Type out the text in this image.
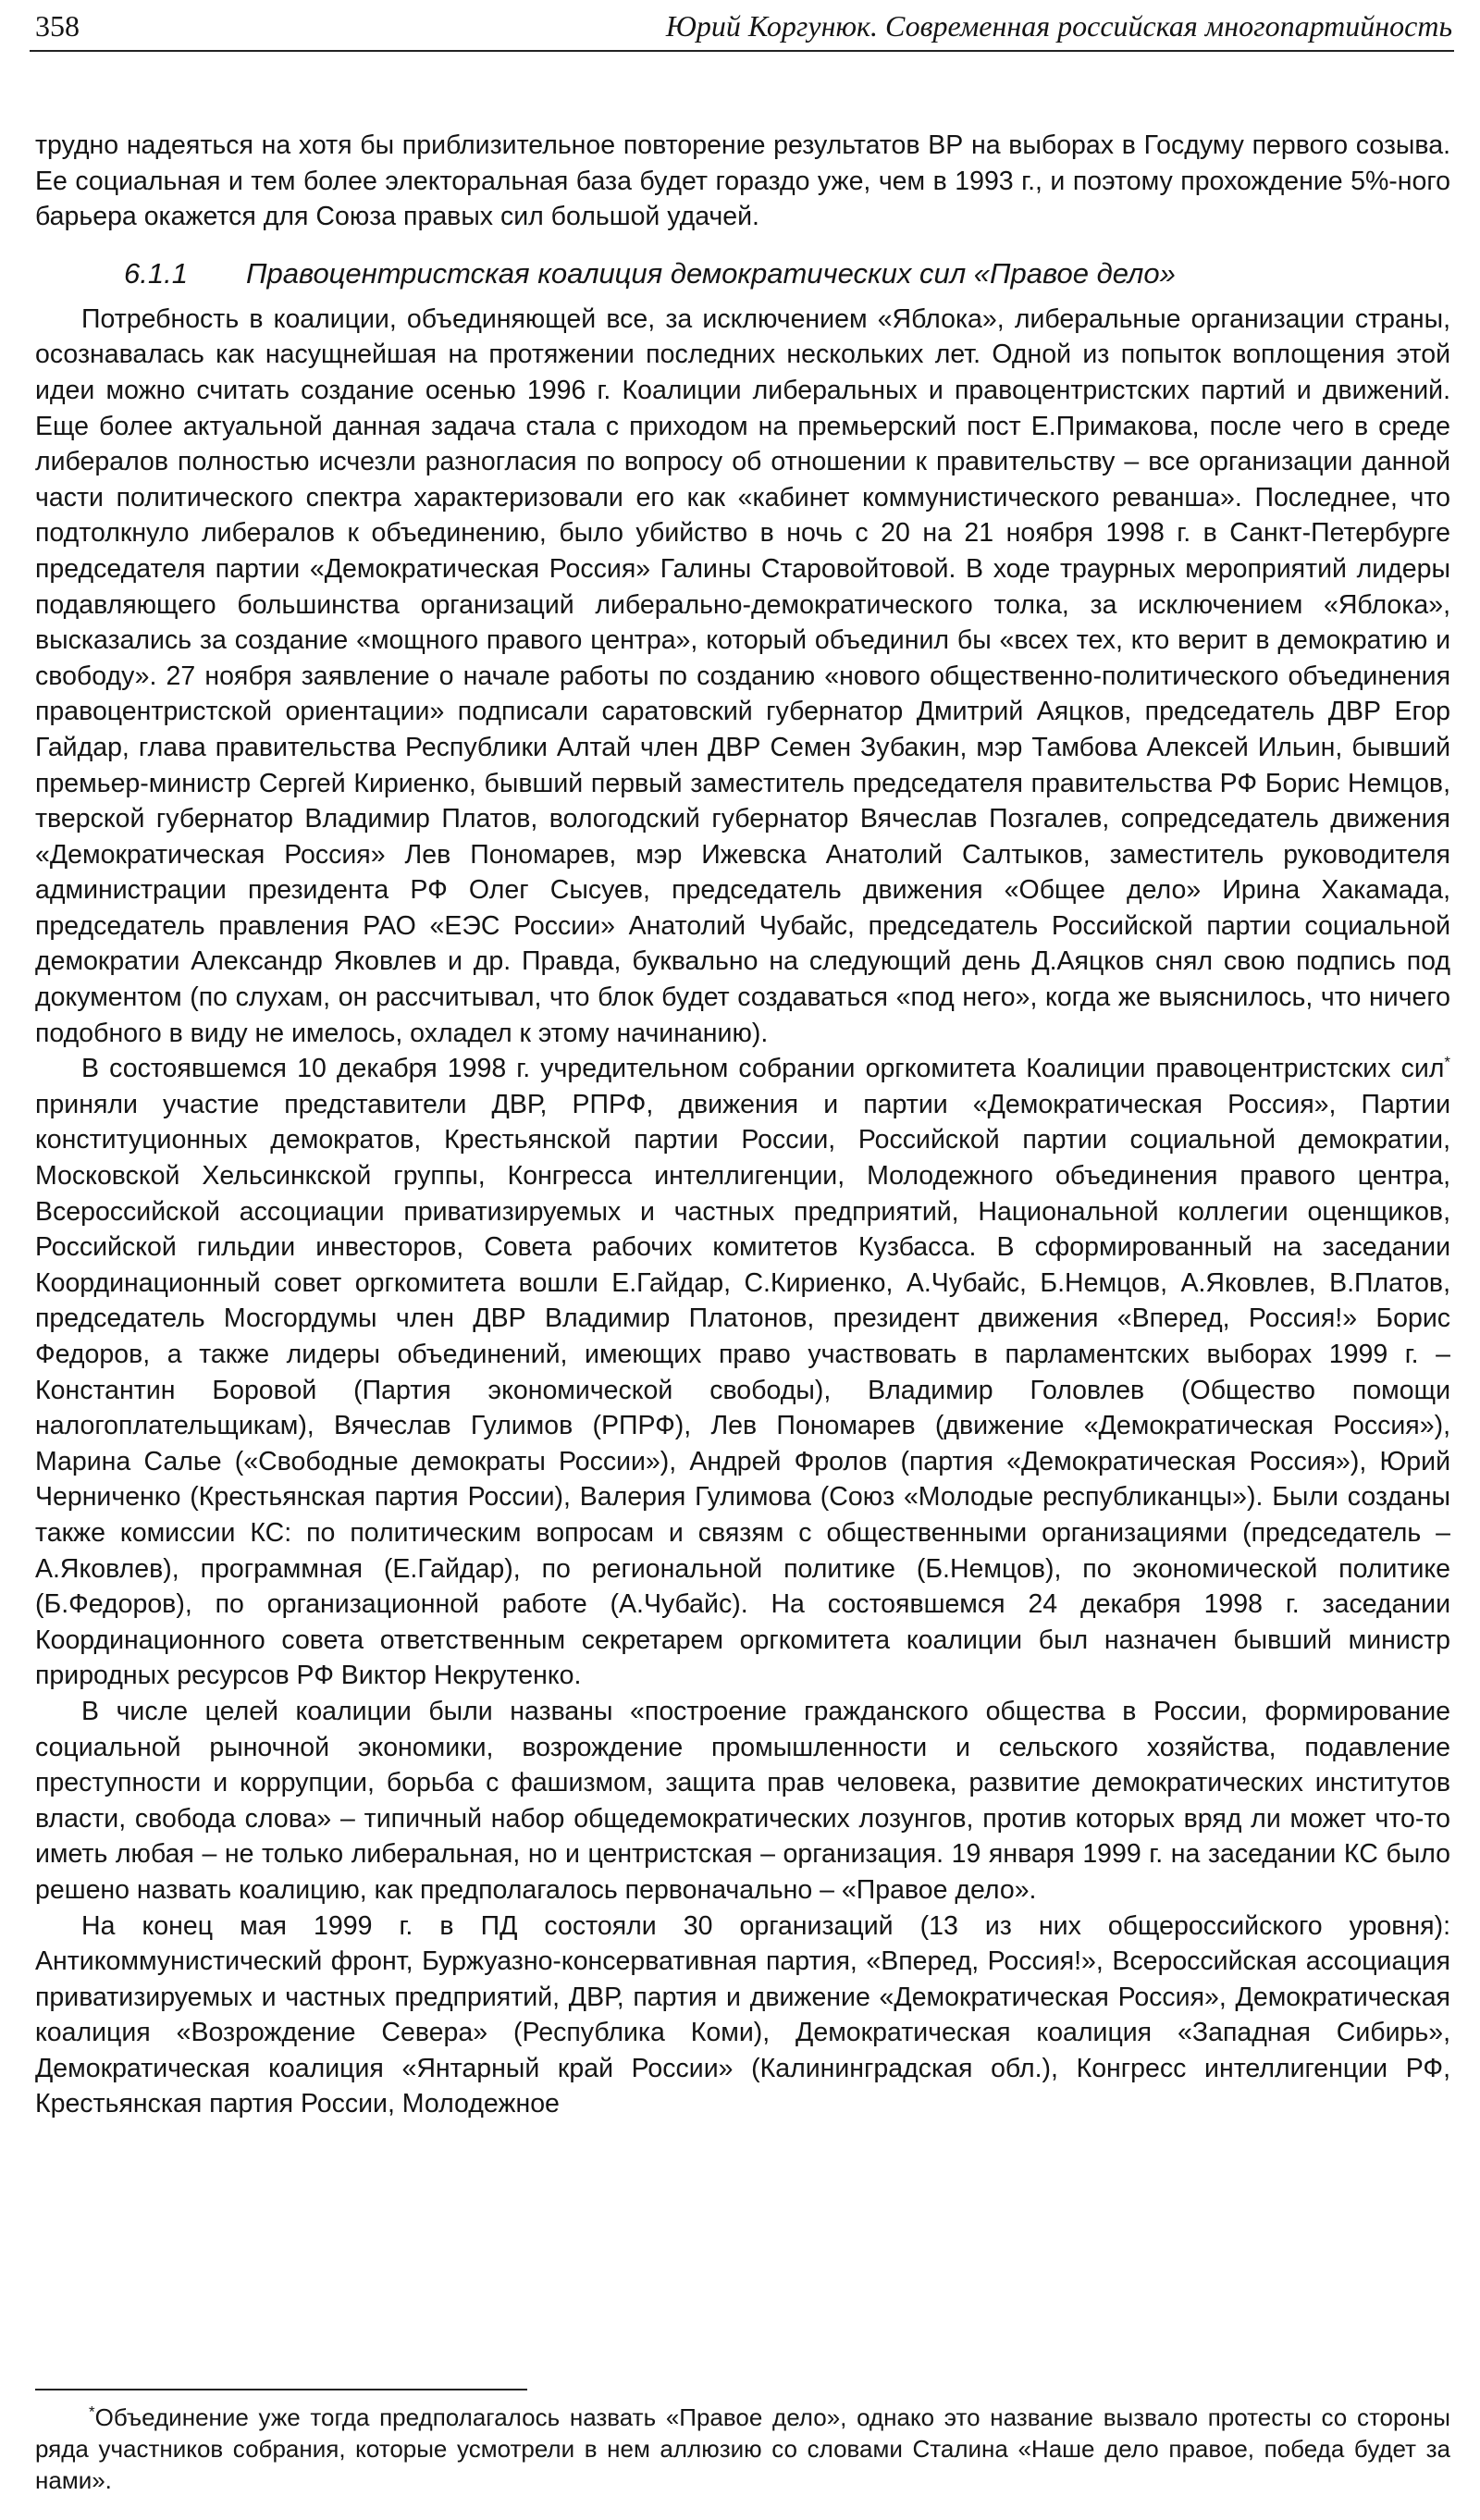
358	Юрий Коргунюк. Современная российская многопартийность

трудно надеяться на хотя бы приблизительное повторение результатов ВР на выборах в Госдуму первого созыва. Ее социальная и тем более электоральная база будет гораздо уже, чем в 1993 г., и поэтому прохождение 5%-ного барьера окажется для Союза правых сил большой удачей.

6.1.1 Правоцентристская коалиция демократических сил «Правое дело»

Потребность в коалиции, объединяющей все, за исключением «Яблока», либеральные организации страны, осознавалась как насущнейшая на протяжении последних нескольких лет. Одной из попыток воплощения этой идеи можно считать создание осенью 1996 г. Коалиции либеральных и правоцентристских партий и движений. Еще более актуальной данная задача стала с приходом на премьерский пост Е.Примакова, после чего в среде либералов полностью исчезли разногласия по вопросу об отношении к правительству – все организации данной части политического спектра характеризовали его как «кабинет коммунистического реванша». Последнее, что подтолкнуло либералов к объединению, было убийство в ночь с 20 на 21 ноября 1998 г. в Санкт-Петербурге председателя партии «Демократическая Россия» Галины Старовойтовой. В ходе траурных мероприятий лидеры подавляющего большинства организаций либерально-демократического толка, за исключением «Яблока», высказались за создание «мощного правого центра», который объединил бы «всех тех, кто верит в демократию и свободу». 27 ноября заявление о начале работы по созданию «нового общественно-политического объединения правоцентристской ориентации» подписали саратовский губернатор Дмитрий Аяцков, председатель ДВР Егор Гайдар, глава правительства Республики Алтай член ДВР Семен Зубакин, мэр Тамбова Алексей Ильин, бывший премьер-министр Сергей Кириенко, бывший первый заместитель председателя правительства РФ Борис Немцов, тверской губернатор Владимир Платов, вологодский губернатор Вячеслав Позгалев, сопредседатель движения «Демократическая Россия» Лев Пономарев, мэр Ижевска Анатолий Салтыков, заместитель руководителя администрации президента РФ Олег Сысуев, председатель движения «Общее дело» Ирина Хакамада, председатель правления РАО «ЕЭС России» Анатолий Чубайс, председатель Российской партии социальной демократии Александр Яковлев и др. Правда, буквально на следующий день Д.Аяцков снял свою подпись под документом (по слухам, он рассчитывал, что блок будет создаваться «под него», когда же выяснилось, что ничего подобного в виду не имелось, охладел к этому начинанию).

В состоявшемся 10 декабря 1998 г. учредительном собрании оргкомитета Коалиции правоцентристских сил* приняли участие представители ДВР, РПРФ, движения и партии «Демократическая Россия», Партии конституционных демократов, Крестьянской партии России, Российской партии социальной демократии, Московской Хельсинкской группы, Конгресса интеллигенции, Молодежного объединения правого центра, Всероссийской ассоциации приватизируемых и частных предприятий, Национальной коллегии оценщиков, Российской гильдии инвесторов, Совета рабочих комитетов Кузбасса. В сформированный на заседании Координационный совет оргкомитета вошли Е.Гайдар, С.Кириенко, А.Чубайс, Б.Немцов, А.Яковлев, В.Платов, председатель Мосгордумы член ДВР Владимир Платонов, президент движения «Вперед, Россия!» Борис Федоров, а также лидеры объединений, имеющих право участвовать в парламентских выборах 1999 г. – Константин Боровой (Партия экономической свободы), Владимир Головлев (Общество помощи налогоплательщикам), Вячеслав Гулимов (РПРФ), Лев Пономарев (движение «Демократическая Россия»), Марина Салье («Свободные демократы России»), Андрей Фролов (партия «Демократическая Россия»), Юрий Черниченко (Крестьянская партия России), Валерия Гулимова (Союз «Молодые республиканцы»). Были созданы также комиссии КС: по политическим вопросам и связям с общественными организациями (председатель – А.Яковлев), программная (Е.Гайдар), по региональной политике (Б.Немцов), по экономической политике (Б.Федоров), по организационной работе (А.Чубайс). На состоявшемся 24 декабря 1998 г. заседании Координационного совета ответственным секретарем оргкомитета коалиции был назначен бывший министр природных ресурсов РФ Виктор Некрутенко.

В числе целей коалиции были названы «построение гражданского общества в России, формирование социальной рыночной экономики, возрождение промышленности и сельского хозяйства, подавление преступности и коррупции, борьба с фашизмом, защита прав человека, развитие демократических институтов власти, свобода слова» – типичный набор общедемократических лозунгов, против которых вряд ли может что-то иметь любая – не только либеральная, но и центристская – организация. 19 января 1999 г. на заседании КС было решено назвать коалицию, как предполагалось первоначально – «Правое дело».

На конец мая 1999 г. в ПД состояли 30 организаций (13 из них общероссийского уровня): Антикоммунистический фронт, Буржуазно-консервативная партия, «Вперед, Россия!», Всероссийская ассоциация приватизируемых и частных предприятий, ДВР, партия и движение «Демократическая Россия», Демократическая коалиция «Возрождение Севера» (Республика Коми), Демократическая коалиция «Западная Сибирь», Демократическая коалиция «Янтарный край России» (Калининградская обл.), Конгресс интеллигенции РФ, Крестьянская партия России, Молодежное

*Объединение уже тогда предполагалось назвать «Правое дело», однако это название вызвало протесты со стороны ряда участников собрания, которые усмотрели в нем аллюзию со словами Сталина «Наше дело правое, победа будет за нами».
